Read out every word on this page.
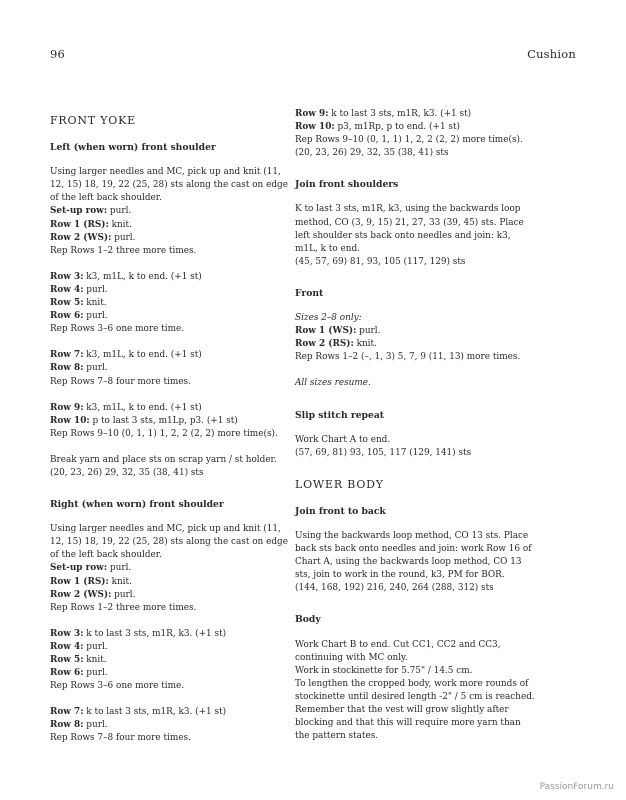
96	Cushion
FRONT YOKE
Left (when worn) front shoulder

Using larger needles and MC, pick up and knit (11, 12, 15) 18, 19, 22 (25, 28) sts along the cast on edge of the left back shoulder.

Set-up row: purl.

Row 1 (RS): knit.

Row 2 (WS): purl.

Rep Rows 1–2 three more times.

Row 3: k3, m1L, k to end. (+1 st)

Row 4: purl.

Row 5: knit.

Row 6: purl.

Rep Rows 3–6 one more time.

Row 7: k3, m1L, k to end. (+1 st)

Row 8: purl.

Rep Rows 7–8 four more times.

Row 9: k3, m1L, k to end. (+1 st)

Row 10: p to last 3 sts, m1Lp, p3. (+1 st)

Rep Rows 9–10 (0, 1, 1) 1, 2, 2 (2, 2) more time(s).

Break yarn and place sts on scrap yarn / st holder.

(20, 23, 26) 29, 32, 35 (38, 41) sts

Right (when worn) front shoulder

Using larger needles and MC, pick up and knit (11, 12, 15) 18, 19, 22 (25, 28) sts along the cast on edge of the left back shoulder.

Set-up row: purl.

Row 1 (RS): knit.

Row 2 (WS): purl.

Rep Rows 1–2 three more times.

Row 3: k to last 3 sts, m1R, k3. (+1 st)

Row 4: purl.

Row 5: knit.

Row 6: purl.

Rep Rows 3–6 one more time.

Row 7: k to last 3 sts, m1R, k3. (+1 st)

Row 8: purl.

Rep Rows 7–8 four more times.

Row 9: k to last 3 sts, m1R, k3. (+1 st)

Row 10: p3, m1Rp, p to end. (+1 st)

Rep Rows 9–10 (0, 1, 1) 1, 2, 2 (2, 2) more time(s).

(20, 23, 26) 29, 32, 35 (38, 41) sts

Join front shoulders

K to last 3 sts, m1R, k3, using the backwards loop method, CO (3, 9, 15) 21, 27, 33 (39, 45) sts. Place left shoulder sts back onto needles and join: k3, m1L, k to end.

(45, 57, 69) 81, 93, 105 (117, 129) sts

Front

Sizes 2–8 only:

Row 1 (WS): purl.

Row 2 (RS): knit.

Rep Rows 1–2 (–, 1, 3) 5, 7, 9 (11, 13) more times.

All sizes resume.

Slip stitch repeat

Work Chart A to end.

(57, 69, 81) 93, 105, 117 (129, 141) sts

LOWER BODY
Join front to back

Using the backwards loop method, CO 13 sts. Place back sts back onto needles and join: work Row 16 of Chart A, using the backwards loop method, CO 13 sts, join to work in the round, k3, PM for BOR.

(144, 168, 192) 216, 240, 264 (288, 312) sts

Body

Work Chart B to end. Cut CC1, CC2 and CC3, continuing with MC only.

Work in stockinette for 5.75" / 14.5 cm.

To lengthen the cropped body, work more rounds of stockinette until desired length -2" / 5 cm is reached. Remember that the vest will grow slightly after blocking and that this will require more yarn than the pattern states.

PassionForum.ru
